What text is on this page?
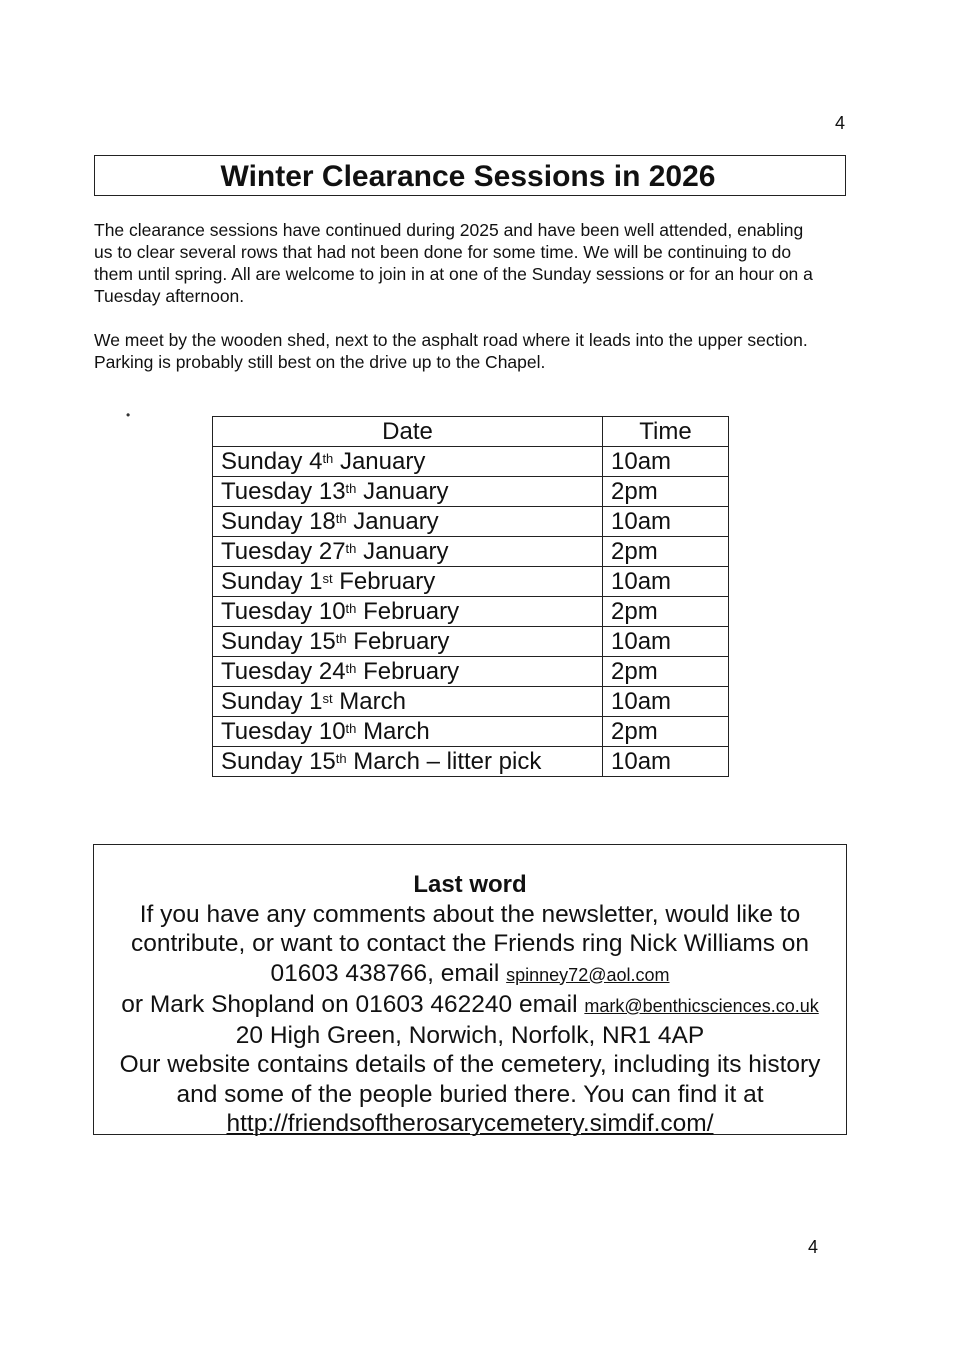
4
Winter Clearance Sessions in 2026

The clearance sessions have continued during 2025 and have been well attended, enabling us to clear several rows that had not been done for some time. We will be continuing to do them until spring. All are welcome to join in at one of the Sunday sessions or for an hour on a Tuesday afternoon.

We meet by the wooden shed, next to the asphalt road where it leads into the upper section. Parking is probably still best on the drive up to the Chapel.

•
Date	Time
Sunday 4th January	10am
Tuesday 13th January	2pm
Sunday 18th January	10am
Tuesday 27th January	2pm
Sunday 1st February	10am
Tuesday 10th February	2pm
Sunday 15th February	10am
Tuesday 24th February	2pm
Sunday 1st March	10am
Tuesday 10th March	2pm
Sunday 15th March – litter pick	10am
Last word
If you have any comments about the newsletter, would like to
contribute, or want to contact the Friends ring Nick Williams on
01603 438766, email spinney72@aol.com
or Mark Shopland on 01603 462240 email mark@benthicsciences.co.uk
20 High Green, Norwich, Norfolk, NR1 4AP
Our website contains details of the cemetery, including its history
and some of the people buried there. You can find it at
http://friendsoftherosarycemetery.simdif.com/
4
